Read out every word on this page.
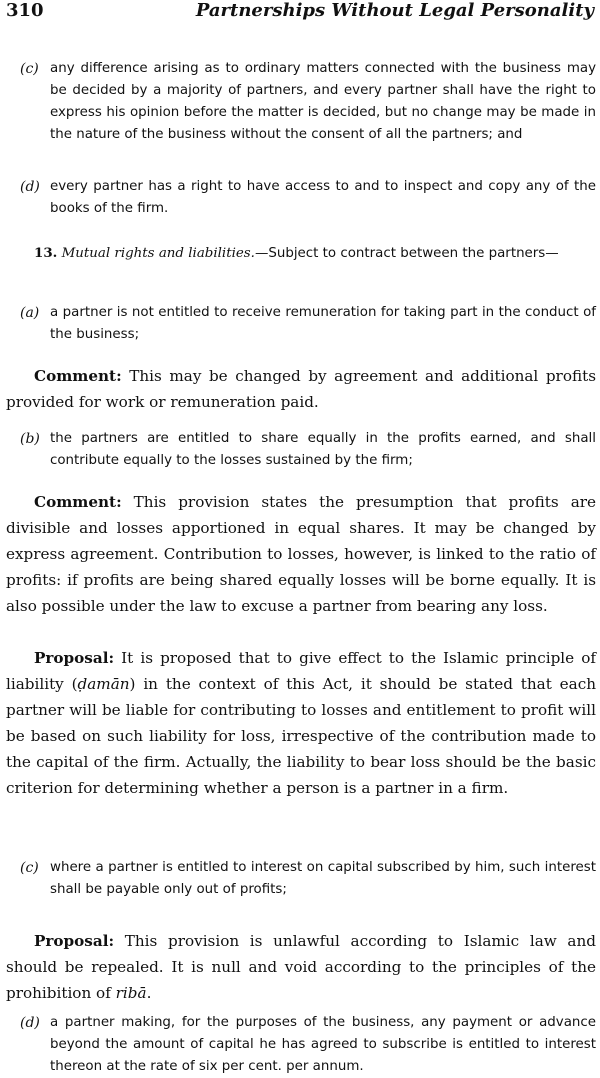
310	Partnerships Without Legal Personality
(c) any difference arising as to ordinary matters connected with the business may be decided by a majority of partners, and every partner shall have the right to express his opinion before the matter is decided, but no change may be made in the nature of the business without the consent of all the partners; and
(d) every partner has a right to have access to and to inspect and copy any of the books of the firm.
13. Mutual rights and liabilities.—Subject to contract between the partners—
(a) a partner is not entitled to receive remuneration for taking part in the conduct of the business;
Comment: This may be changed by agreement and additional profits provided for work or remuneration paid.
(b) the partners are entitled to share equally in the profits earned, and shall contribute equally to the losses sustained by the firm;
Comment: This provision states the presumption that profits are divisible and losses apportioned in equal shares. It may be changed by express agreement. Contribution to losses, however, is linked to the ratio of profits: if profits are being shared equally losses will be borne equally. It is also possible under the law to excuse a partner from bearing any loss.
Proposal: It is proposed that to give effect to the Islamic principle of liability (ḍamān) in the context of this Act, it should be stated that each partner will be liable for contributing to losses and entitlement to profit will be based on such liability for loss, irrespective of the contribution made to the capital of the firm. Actually, the liability to bear loss should be the basic criterion for determining whether a person is a partner in a firm.
(c) where a partner is entitled to interest on capital subscribed by him, such interest shall be payable only out of profits;
Proposal: This provision is unlawful according to Islamic law and should be repealed. It is null and void according to the principles of the prohibition of ribā.
(d) a partner making, for the purposes of the business, any payment or advance beyond the amount of capital he has agreed to subscribe is entitled to interest thereon at the rate of six per cent. per annum.
